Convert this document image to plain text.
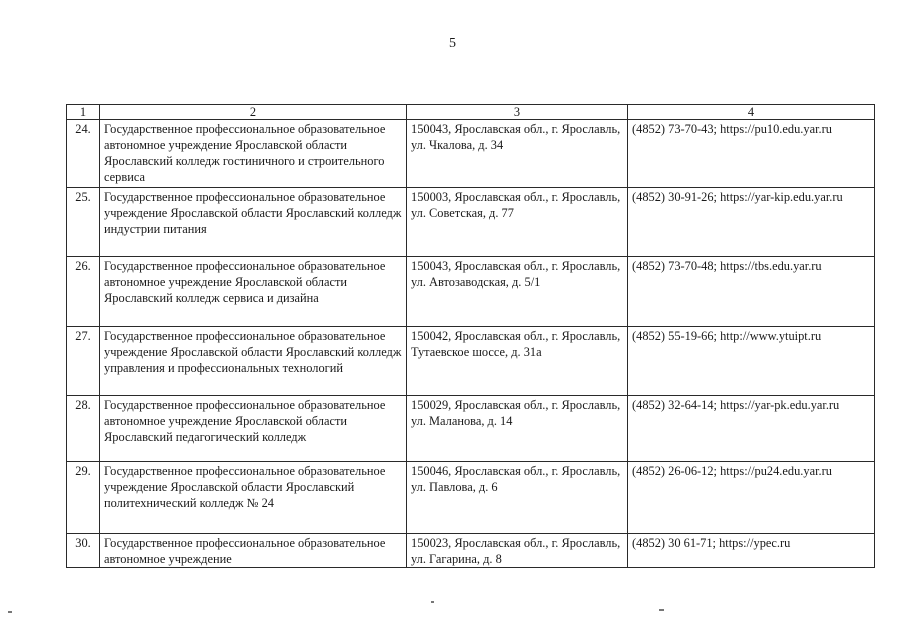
5
1	2	3	4
24.	Государственное профессиональное образовательное автономное учреждение Ярославской области Ярославский колледж гостиничного и строительного сервиса	150043, Ярославская обл., г. Ярославль, ул. Чкалова, д. 34	(4852) 73-70-43; https://pu10.edu.yar.ru
25.	Государственное профессиональное образовательное учреждение Ярославской области Ярославский колледж индустрии питания	150003, Ярославская обл., г. Ярославль, ул. Советская, д. 77	(4852) 30-91-26; https://yar-kip.edu.yar.ru
26.	Государственное профессиональное образовательное автономное учреждение Ярославской области Ярославский колледж сервиса и дизайна	150043, Ярославская обл., г. Ярославль, ул. Автозаводская, д. 5/1	(4852) 73-70-48; https://tbs.edu.yar.ru
27.	Государственное профессиональное образовательное учреждение Ярославской области Ярославский колледж управления и профессиональных технологий	150042, Ярославская обл., г. Ярославль, Тутаевское шоссе, д. 31а	(4852) 55-19-66; http://www.ytuipt.ru
28.	Государственное профессиональное образовательное автономное учреждение Ярославской области Ярославский педагогический колледж	150029, Ярославская обл., г. Ярославль, ул. Маланова, д. 14	(4852) 32-64-14; https://yar-pk.edu.yar.ru
29.	Государственное профессиональное образовательное учреждение Ярославской области Ярославский политехнический колледж № 24	150046, Ярославская обл., г. Ярославль, ул. Павлова, д. 6	(4852) 26-06-12; https://pu24.edu.yar.ru
30.	Государственное профессиональное образовательное автономное учреждение	150023, Ярославская обл., г. Ярославль, ул. Гагарина, д. 8	(4852) 30 61-71; https://ypec.ru
